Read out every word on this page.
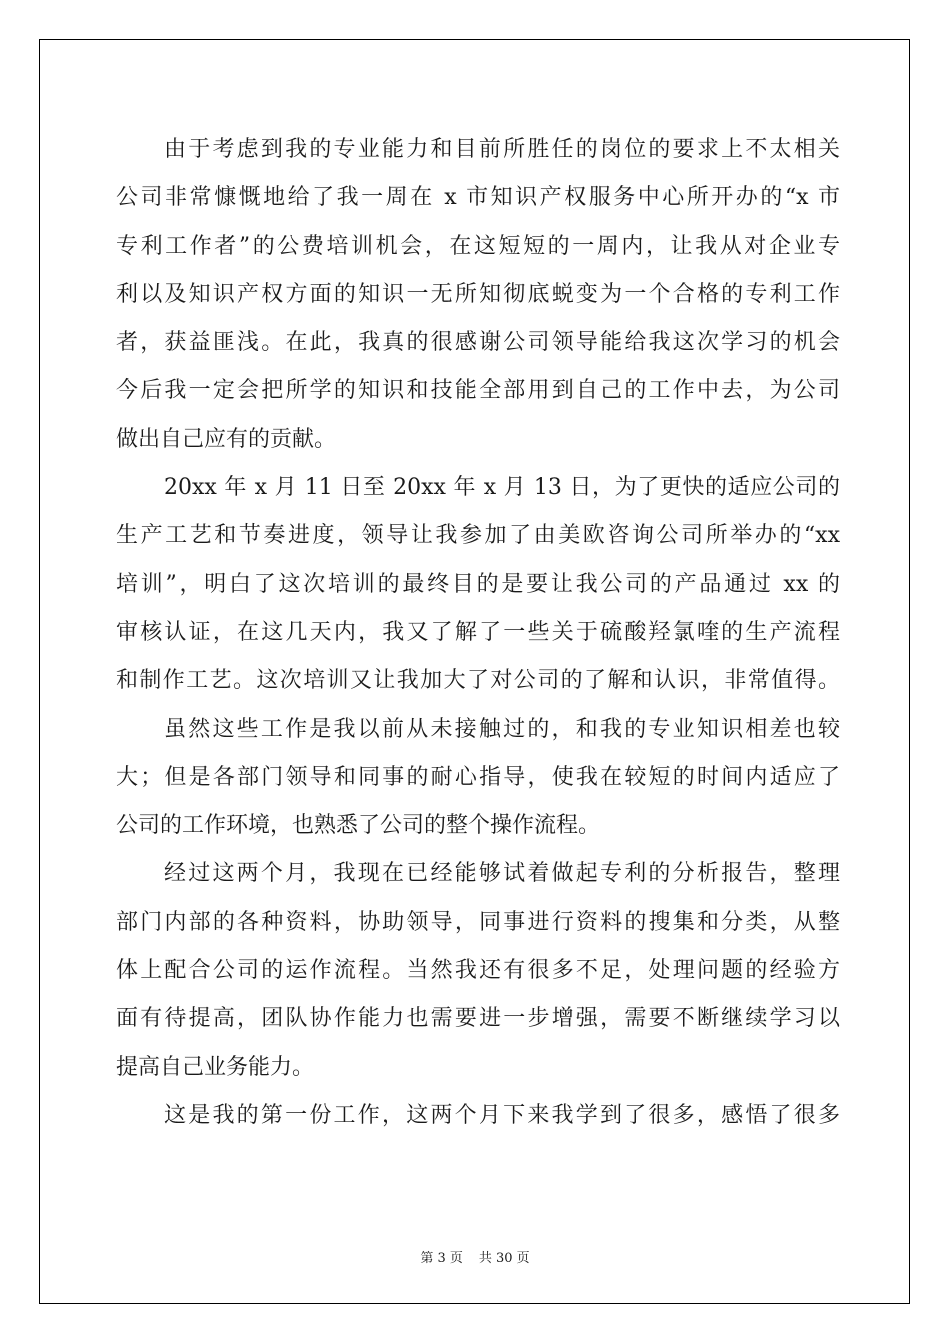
由于考虑到我的专业能力和目前所胜任的岗位的要求上不太相关
公司非常慷慨地给了我一周在 x 市知识产权服务中心所开办的“x 市
专利工作者”的公费培训机会，在这短短的一周内，让我从对企业专
利以及知识产权方面的知识一无所知彻底蜕变为一个合格的专利工作
者，获益匪浅。在此，我真的很感谢公司领导能给我这次学习的机会
今后我一定会把所学的知识和技能全部用到自己的工作中去，为公司
做出自己应有的贡献。
20xx 年 x 月 11 日至 20xx 年 x 月 13 日，为了更快的适应公司的
生产工艺和节奏进度，领导让我参加了由美欧咨询公司所举办的“xx
培训”，明白了这次培训的最终目的是要让我公司的产品通过 xx 的
审核认证，在这几天内，我又了解了一些关于硫酸羟氯喹的生产流程
和制作工艺。这次培训又让我加大了对公司的了解和认识，非常值得。
虽然这些工作是我以前从未接触过的，和我的专业知识相差也较
大；但是各部门领导和同事的耐心指导，使我在较短的时间内适应了
公司的工作环境，也熟悉了公司的整个操作流程。
经过这两个月，我现在已经能够试着做起专利的分析报告，整理
部门内部的各种资料，协助领导，同事进行资料的搜集和分类，从整
体上配合公司的运作流程。当然我还有很多不足，处理问题的经验方
面有待提高，团队协作能力也需要进一步增强，需要不断继续学习以
提高自己业务能力。
这是我的第一份工作，这两个月下来我学到了很多，感悟了很多
第 3 页 共 30 页
